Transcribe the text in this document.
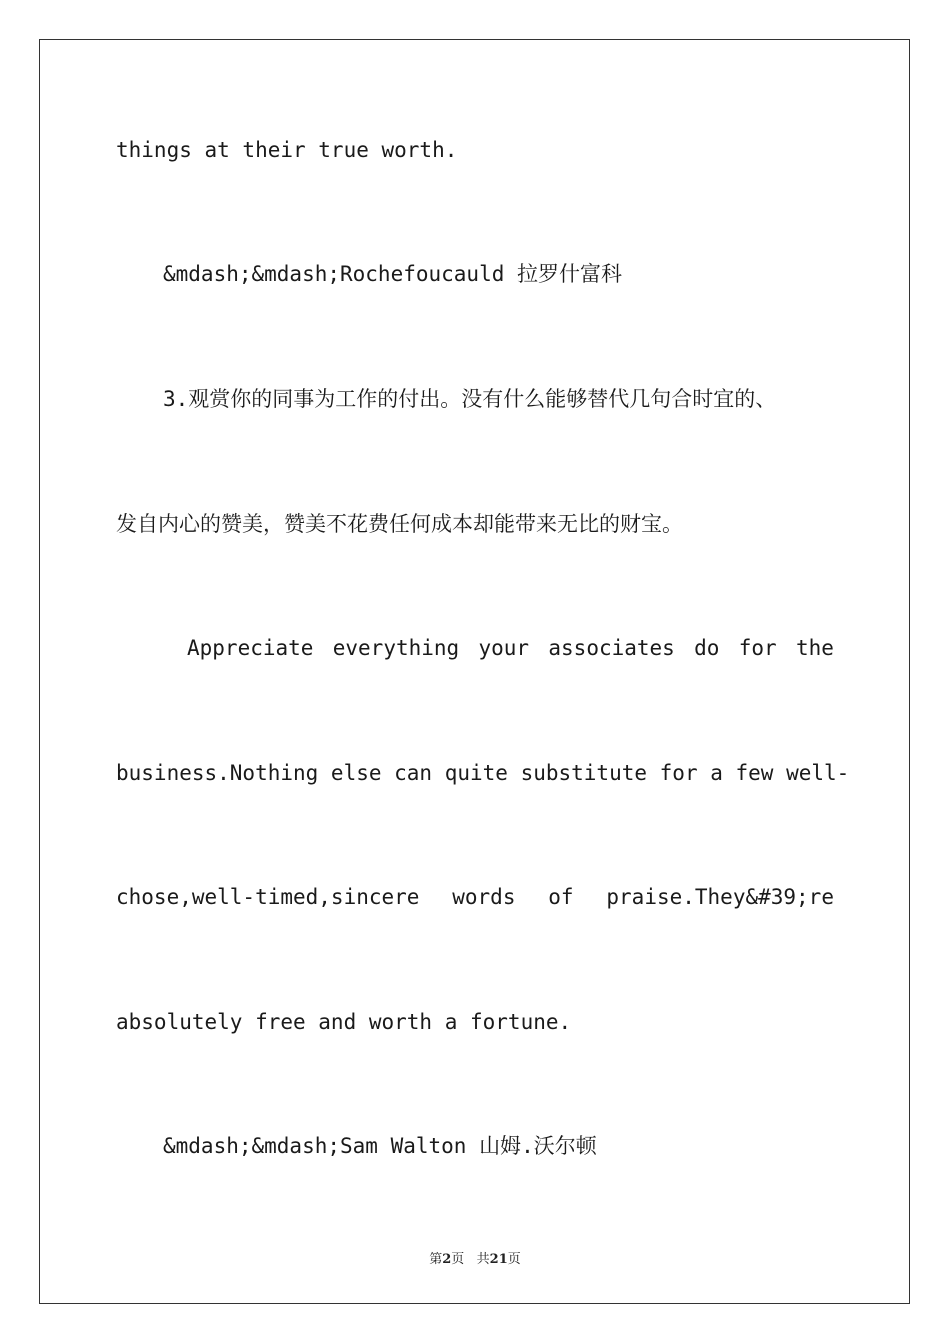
things at their true worth.

&mdash;&mdash;Rochefoucauld 拉罗什富科

3.观赏你的同事为工作的付出。没有什么能够替代几句合时宜的、

发自内心的赞美，赞美不花费任何成本却能带来无比的财宝。

Appreciate everything your associates do for the

business.Nothing else can quite substitute for a few well-

chose,well-timed,sincere words of praise.They&#39;re

absolutely free and worth a fortune.

&mdash;&mdash;Sam Walton 山姆.沃尔顿

第2页   共21页
